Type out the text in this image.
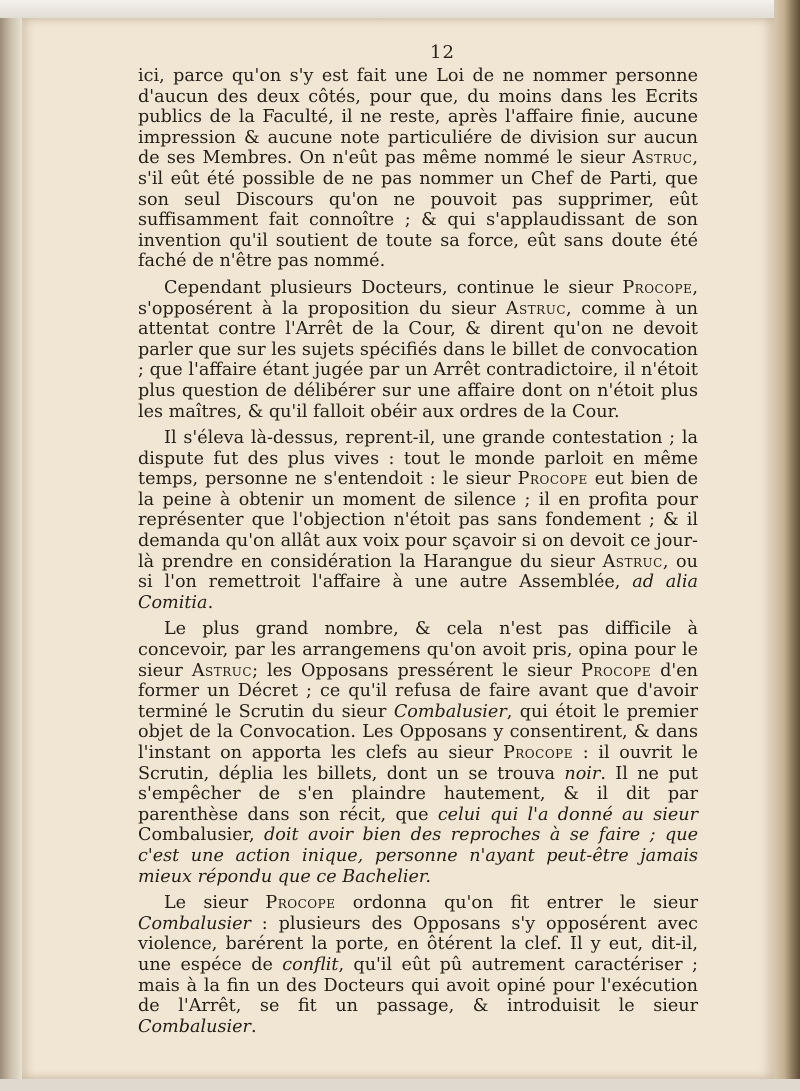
12

ici, parce qu'on s'y est fait une Loi de ne nommer personne d'aucun des deux côtés, pour que, du moins dans les Ecrits publics de la Faculté, il ne reste, après l'affaire finie, aucune impression & aucune note particuliére de division sur aucun de ses Membres. On n'eût pas même nommé le sieur Astruc, s'il eût été possible de ne pas nommer un Chef de Parti, que son seul Discours qu'on ne pouvoit pas supprimer, eût suffisamment fait connoître ; & qui s'applaudissant de son invention qu'il soutient de toute sa force, eût sans doute été faché de n'être pas nommé.

Cependant plusieurs Docteurs, continue le sieur Procope, s'opposérent à la proposition du sieur Astruc, comme à un attentat contre l'Arrêt de la Cour, & dirent qu'on ne devoit parler que sur les sujets spécifiés dans le billet de convocation ; que l'affaire étant jugée par un Arrêt contradictoire, il n'étoit plus question de délibérer sur une affaire dont on n'étoit plus les maîtres, & qu'il falloit obéir aux ordres de la Cour.

Il s'éleva là-dessus, reprent-il, une grande contestation ; la dispute fut des plus vives : tout le monde parloit en même temps, personne ne s'entendoit : le sieur Procope eut bien de la peine à obtenir un moment de silence ; il en profita pour représenter que l'objection n'étoit pas sans fondement ; & il demanda qu'on allât aux voix pour sçavoir si on devoit ce jour-là prendre en considération la Harangue du sieur Astruc, ou si l'on remettroit l'affaire à une autre Assemblée, ad alia Comitia.

Le plus grand nombre, & cela n'est pas difficile à concevoir, par les arrangemens qu'on avoit pris, opina pour le sieur Astruc; les Opposans pressérent le sieur Procope d'en former un Décret ; ce qu'il refusa de faire avant que d'avoir terminé le Scrutin du sieur Combalusier, qui étoit le premier objet de la Convocation. Les Opposans y consentirent, & dans l'instant on apporta les clefs au sieur Procope : il ouvrit le Scrutin, déplia les billets, dont un se trouva noir. Il ne put s'empêcher de s'en plaindre hautement, & il dit par parenthèse dans son récit, que celui qui l'a donné au sieur Combalusier, doit avoir bien des reproches à se faire ; que c'est une action inique, personne n'ayant peut-être jamais mieux répondu que ce Bachelier.

Le sieur Procope ordonna qu'on fit entrer le sieur Combalusier : plusieurs des Opposans s'y opposérent avec violence, barérent la porte, en ôtérent la clef. Il y eut, dit-il, une espéce de conflit, qu'il eût pû autrement caractériser ; mais à la fin un des Docteurs qui avoit opiné pour l'exécution de l'Arrêt, se fit un passage, & introduisit le sieur Combalusier.
